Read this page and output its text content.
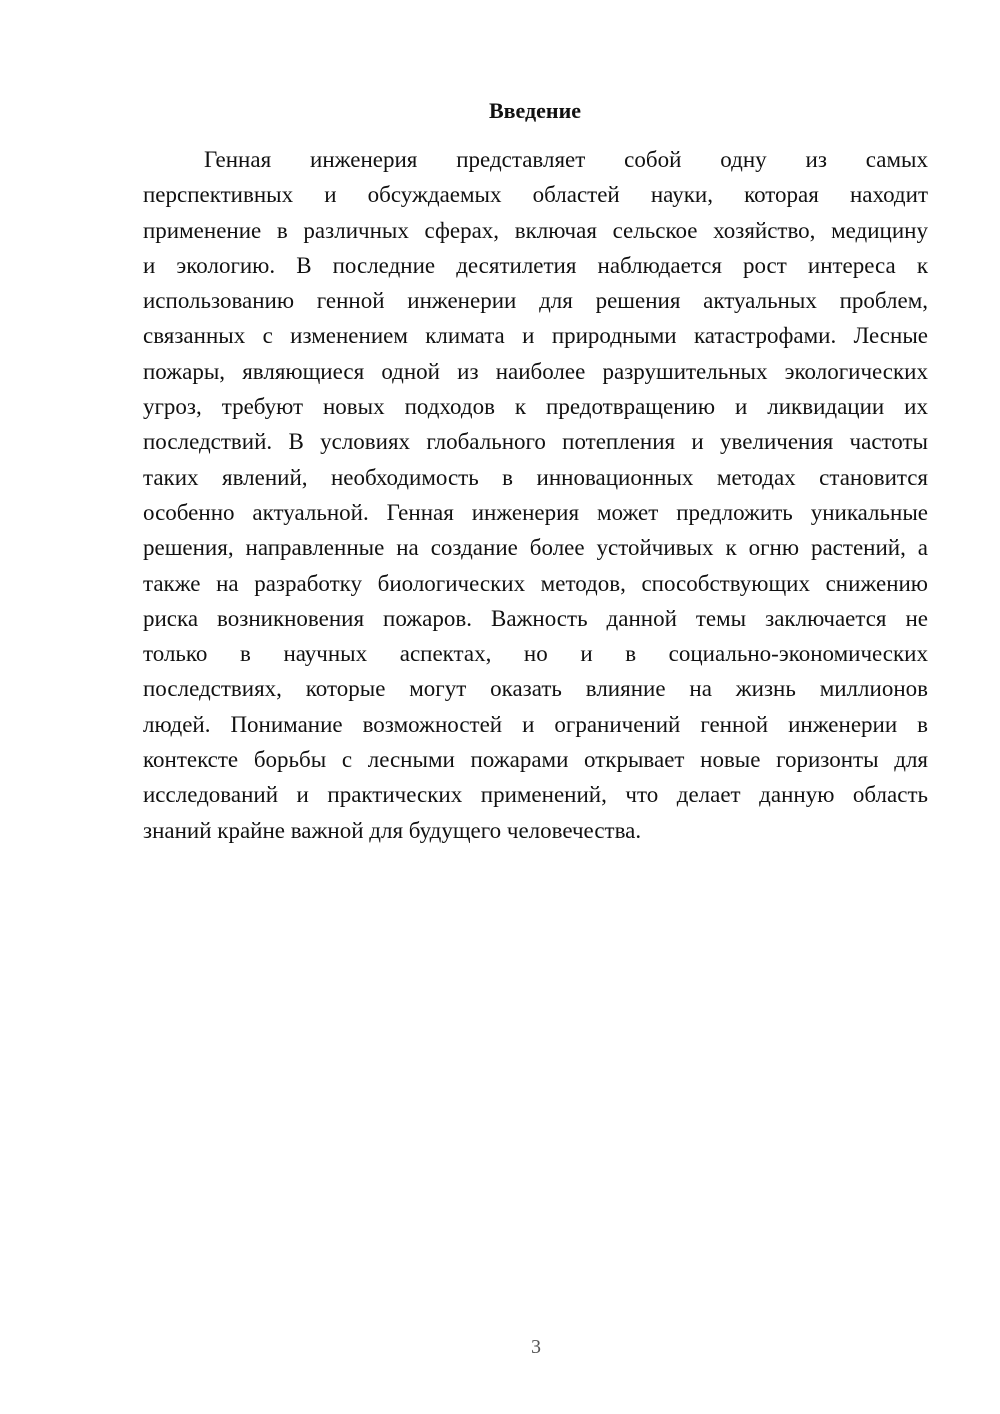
Введение
Генная инженерия представляет собой одну из самых
перспективных и обсуждаемых областей науки, которая находит
применение в различных сферах, включая сельское хозяйство, медицину
и экологию. В последние десятилетия наблюдается рост интереса к
использованию генной инженерии для решения актуальных проблем,
связанных с изменением климата и природными катастрофами. Лесные
пожары, являющиеся одной из наиболее разрушительных экологических
угроз, требуют новых подходов к предотвращению и ликвидации их
последствий. В условиях глобального потепления и увеличения частоты
таких явлений, необходимость в инновационных методах становится
особенно актуальной. Генная инженерия может предложить уникальные
решения, направленные на создание более устойчивых к огню растений, а
также на разработку биологических методов, способствующих снижению
риска возникновения пожаров. Важность данной темы заключается не
только в научных аспектах, но и в социально-экономических
последствиях, которые могут оказать влияние на жизнь миллионов
людей. Понимание возможностей и ограничений генной инженерии в
контексте борьбы с лесными пожарами открывает новые горизонты для
исследований и практических применений, что делает данную область
знаний крайне важной для будущего человечества.
3
